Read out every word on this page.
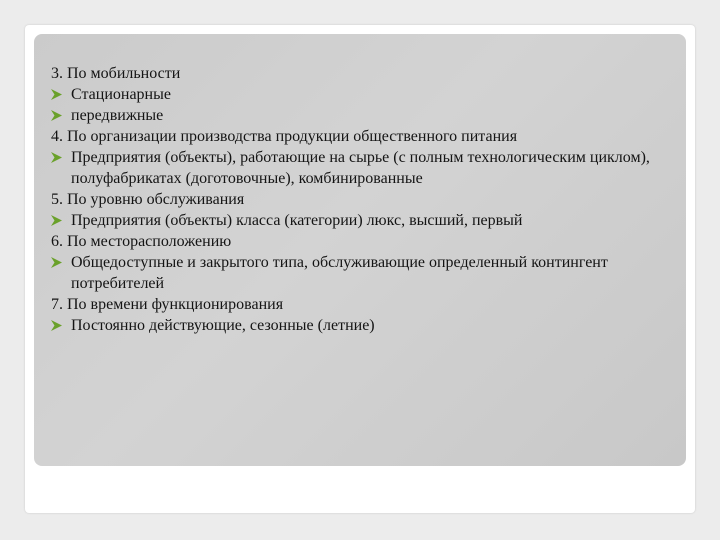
3. По мобильности
Стационарные
передвижные
4. По организации производства продукции общественного питания
Предприятия (объекты), работающие на сырье (с полным технологическим циклом), полуфабрикатах (доготовочные), комбинированные
5. По уровню обслуживания
Предприятия (объекты) класса (категории) люкс, высший, первый
6. По месторасположению
Общедоступные и закрытого типа, обслуживающие определенный контингент потребителей
7. По времени функционирования
Постоянно действующие, сезонные (летние)
